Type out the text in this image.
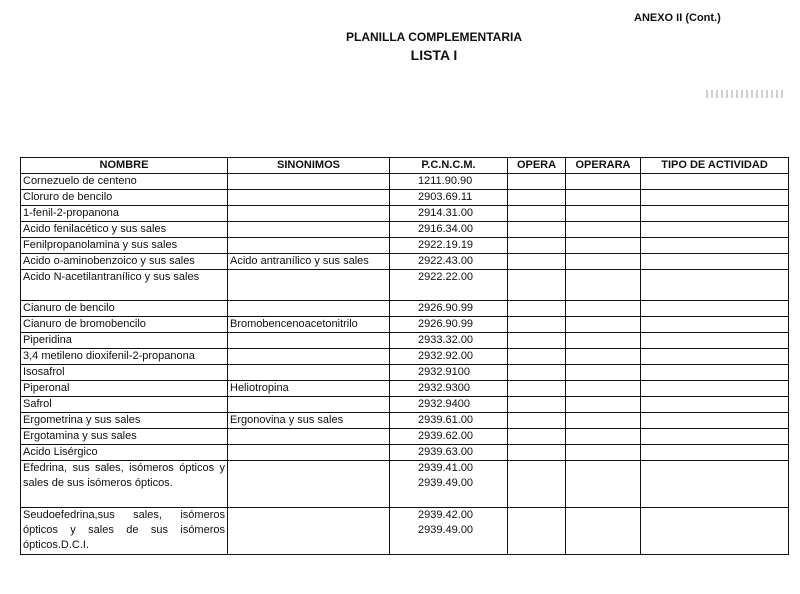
ANEXO II (Cont.)
PLANILLA COMPLEMENTARIA
LISTA I
NOMBRE	SINONIMOS	P.C.N.C.M.	OPERA	OPERARA	TIPO DE ACTIVIDAD
Cornezuelo de centeno		1211.90.90			

Cloruro de bencilo		2903.69.11			

1-fenil-2-propanona		2914.31.00			

Acido fenilacético y sus sales		2916.34.00			

Fenilpropanolamina y sus sales		2922.19.19			

Acido o-aminobenzoico y sus sales	Acido antranílico y sus sales	2922.43.00			

Acido N-acetilantranílico y sus sales		2922.22.00			

Cianuro de bencilo		2926.90.99			

Cianuro de bromobencilo	Bromobencenoacetonitrilo	2926.90.99			

Piperidina		2933.32.00			

3,4 metileno dioxifenil-2-propanona		2932.92.00			

Isosafrol		2932.9100			

Piperonal	Heliotropina	2932.9300			

Safrol		2932.9400			

Ergometrina y sus sales	Ergonovina y sus sales	2939.61.00			

Ergotamina y sus sales		2939.62.00			

Acido Lisérgico		2939.63.00			

Efedrina, sus sales, isómeros ópticos y sales de sus isómeros ópticos.		2939.41.00
2939.49.00			

Seudoefedrina,sus sales, isómeros ópticos y sales de sus isómeros ópticos.D.C.I.		2939.42.00
2939.49.00			
